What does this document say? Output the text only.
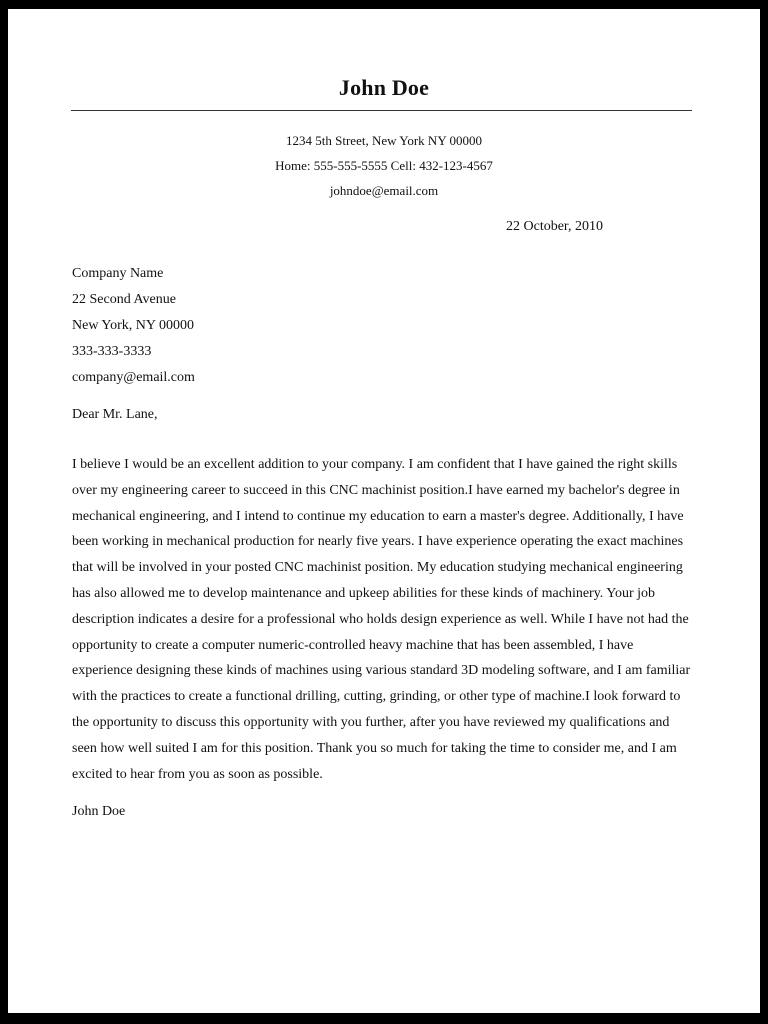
John Doe
1234 5th Street, New York NY 00000
Home: 555-555-5555 Cell: 432-123-4567
johndoe@email.com
22 October, 2010
Company Name
22 Second Avenue
New York, NY 00000
333-333-3333
company@email.com
Dear Mr. Lane,
I believe I would be an excellent addition to your company. I am confident that I have gained the right skills over my engineering career to succeed in this CNC machinist position.I have earned my bachelor's degree in mechanical engineering, and I intend to continue my education to earn a master's degree. Additionally, I have been working in mechanical production for nearly five years. I have experience operating the exact machines that will be involved in your posted CNC machinist position. My education studying mechanical engineering has also allowed me to develop maintenance and upkeep abilities for these kinds of machinery. Your job description indicates a desire for a professional who holds design experience as well. While I have not had the opportunity to create a computer numeric-controlled heavy machine that has been assembled, I have experience designing these kinds of machines using various standard 3D modeling software, and I am familiar with the practices to create a functional drilling, cutting, grinding, or other type of machine.I look forward to the opportunity to discuss this opportunity with you further, after you have reviewed my qualifications and seen how well suited I am for this position. Thank you so much for taking the time to consider me, and I am excited to hear from you as soon as possible.
John Doe
